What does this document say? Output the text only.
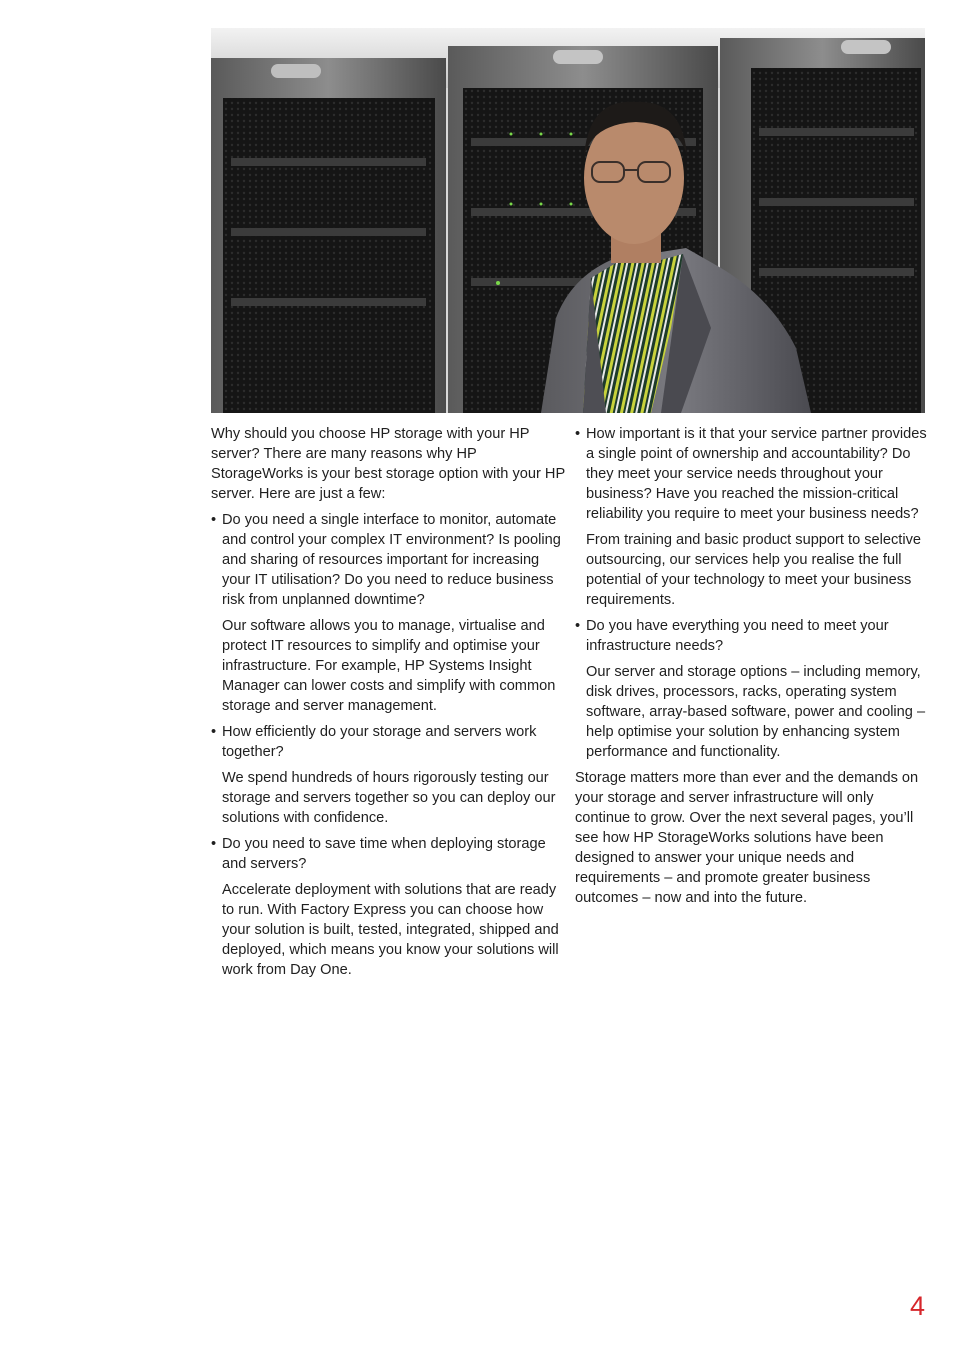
Why should you choose HP storage with your HP server? There are many reasons why HP StorageWorks is your best storage option with your HP server. Here are just a few:

• Do you need a single interface to monitor, automate and control your complex IT environment? Is pooling and sharing of resources important for increasing your IT utilisation? Do you need to reduce business risk from unplanned downtime?

Our software allows you to manage, virtualise and protect IT resources to simplify and optimise your infrastructure. For example, HP Systems Insight Manager can lower costs and simplify with common storage and server management.

• How efficiently do your storage and servers work together?

We spend hundreds of hours rigorously testing our storage and servers together so you can deploy our solutions with confidence.

• Do you need to save time when deploying storage and servers?

Accelerate deployment with solutions that are ready to run. With Factory Express you can choose how your solution is built, tested, integrated, shipped and deployed, which means you know your solutions will work from Day One.

• How important is it that your service partner provides a single point of ownership and accountability? Do they meet your service needs throughout your business? Have you reached the mission-critical reliability you require to meet your business needs?

From training and basic product support to selective outsourcing, our services help you realise the full potential of your technology to meet your business requirements.

• Do you have everything you need to meet your infrastructure needs?

Our server and storage options – including memory, disk drives, processors, racks, operating system software, array-based software, power and cooling – help optimise your solution by enhancing system performance and functionality.

Storage matters more than ever and the demands on your storage and server infrastructure will only continue to grow. Over the next several pages, you’ll see how HP StorageWorks solutions have been designed to answer your unique needs and requirements – and promote greater business outcomes – now and into the future.

4
